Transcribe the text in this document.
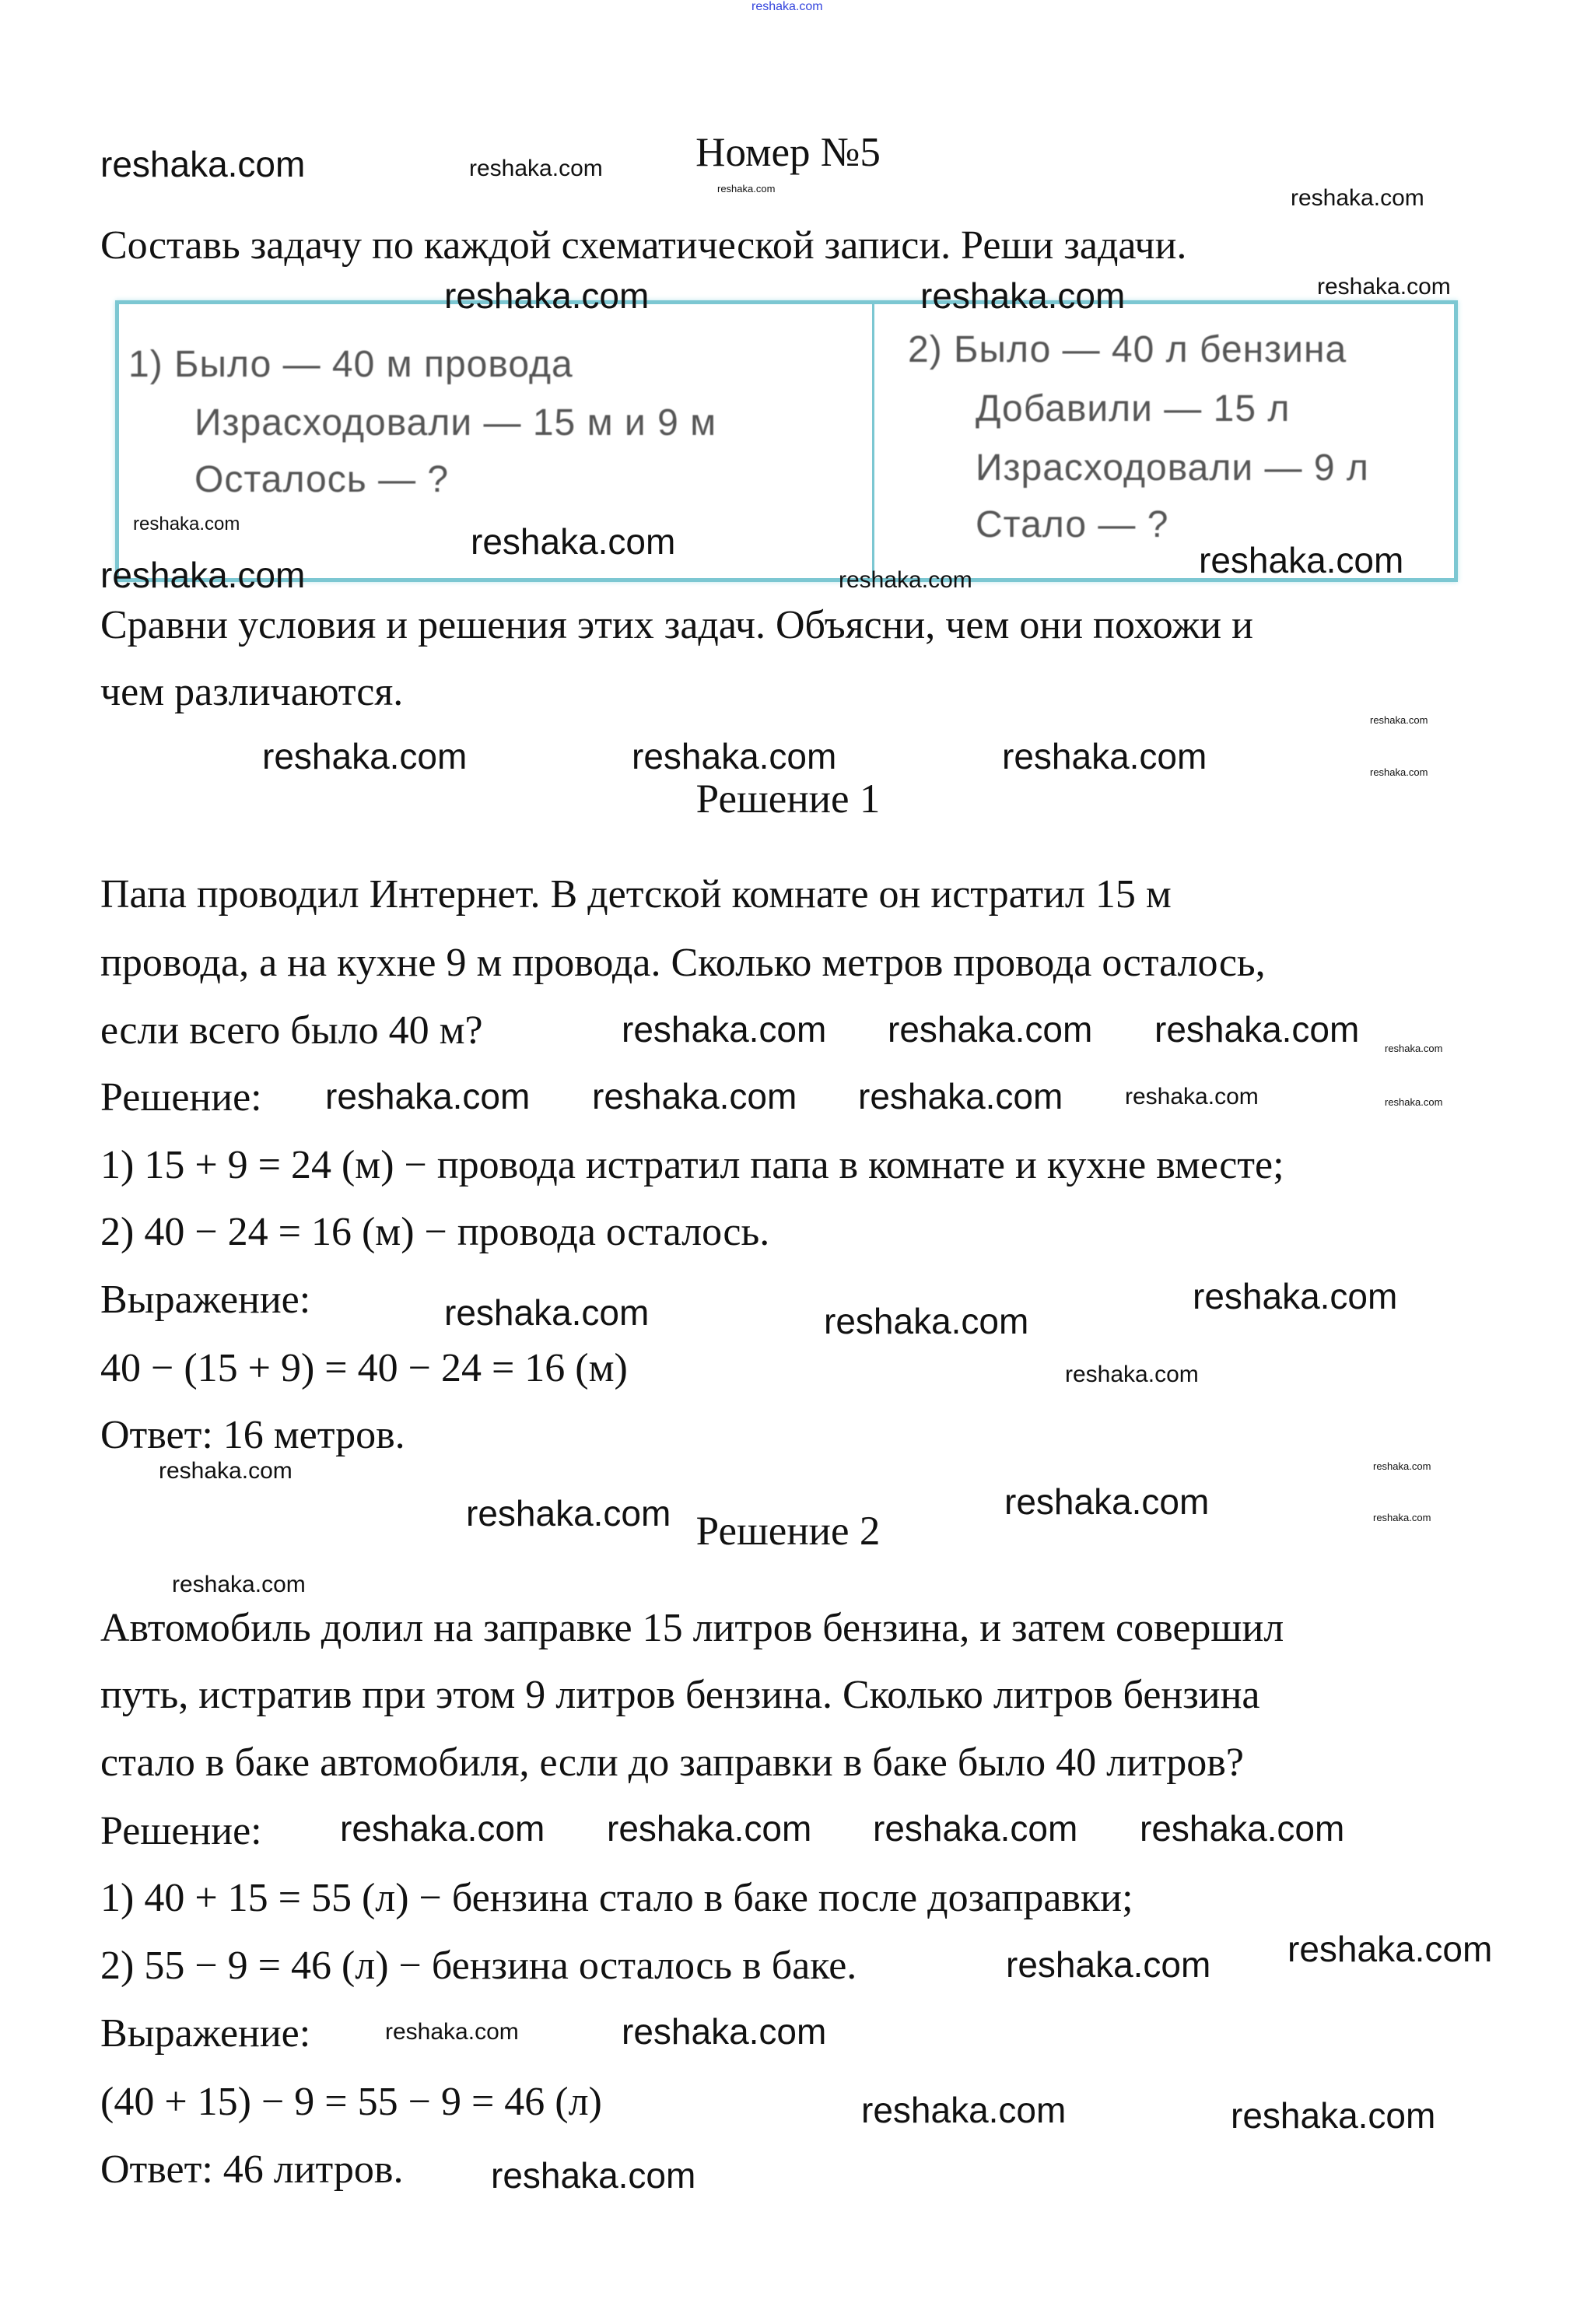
Номер №5
Составь задачу по каждой схематической записи. Реши задачи.
1) Было — 40 м провода
Израсходовали — 15 м и 9 м
Осталось — ?
2) Было — 40 л бензина
Добавили — 15 л
Израсходовали — 9 л
Стало — ?
Сравни условия и решения этих задач. Объясни, чем они похожи и
чем различаются.
Решение 1
Папа проводил Интернет. В детской комнате он истратил 15 м
провода, а на кухне 9 м провода. Сколько метров провода осталось,
если всего было 40 м?
Решение:
1) 15 + 9 = 24 (м) − провода истратил папа в комнате и кухне вместе;
2) 40 − 24 = 16 (м) − провода осталось.
Выражение:
40 − (15 + 9) = 40 − 24 = 16 (м)
Ответ: 16 метров.
Решение 2
Автомобиль долил на заправке 15 литров бензина, и затем совершил
путь, истратив при этом 9 литров бензина. Сколько литров бензина
стало в баке автомобиля, если до заправки в баке было 40 литров?
Решение:
1) 40 + 15 = 55 (л) − бензина стало в баке после дозаправки;
2) 55 − 9 = 46 (л) − бензина осталось в баке.
Выражение:
(40 + 15) − 9 = 55 − 9 = 46 (л)
Ответ: 46 литров.
reshaka.com
reshaka.com
reshaka.com
reshaka.com
reshaka.com
reshaka.com	reshaka.com
reshaka.com	reshaka.com	reshaka.com
reshaka.com reshaka.com reshaka.com
reshaka.com reshaka.com reshaka.com
reshaka.com
reshaka.com	reshaka.com
reshaka.com	reshaka.com
reshaka.com reshaka.com reshaka.com reshaka.com
reshaka.com reshaka.com
reshaka.com
reshaka.com	reshaka.com
reshaka.com
reshaka.com
reshaka.com
reshaka.com
reshaka.com
reshaka.com
reshaka.com
reshaka.com
reshaka.com
reshaka.com
reshaka.com
reshaka.com
reshaka.com
reshaka.com
reshaka.com
reshaka.com
reshaka.com
reshaka.com
